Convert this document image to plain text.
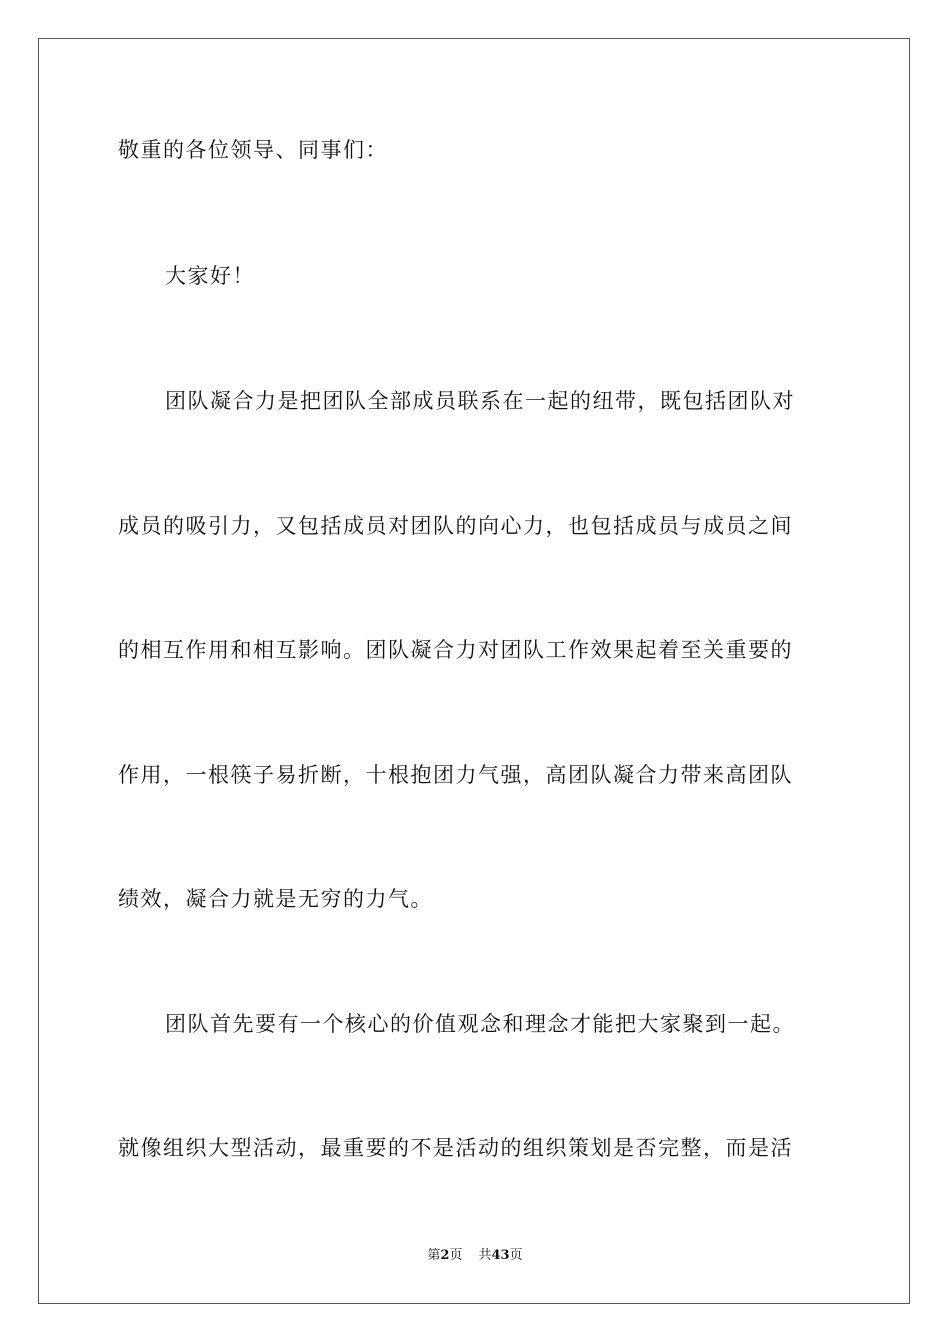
敬重的各位领导、同事们：
大家好！
团队凝合力是把团队全部成员联系在一起的纽带，既包括团队对
成员的吸引力，又包括成员对团队的向心力，也包括成员与成员之间
的相互作用和相互影响。团队凝合力对团队工作效果起着至关重要的
作用，一根筷子易折断，十根抱团力气强，高团队凝合力带来高团队
绩效，凝合力就是无穷的力气。
团队首先要有一个核心的价值观念和理念才能把大家聚到一起。
就像组织大型活动，最重要的不是活动的组织策划是否完整，而是活
第2页 共43页
